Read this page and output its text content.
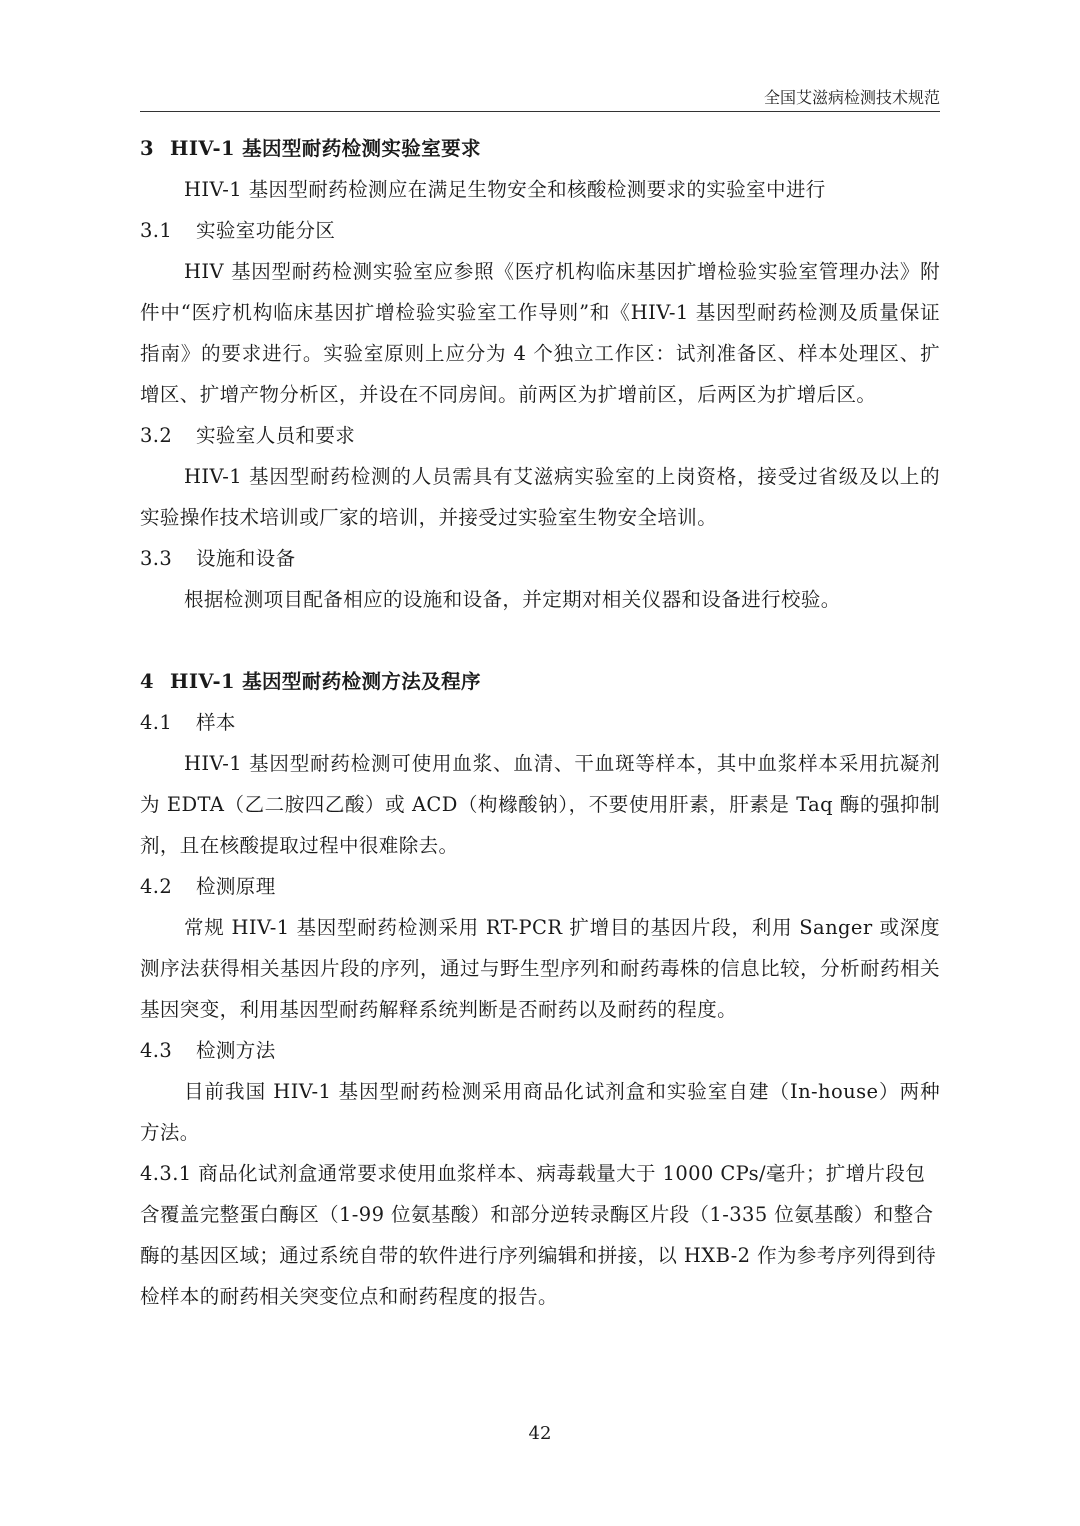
全国艾滋病检测技术规范

3 HIV-1 基因型耐药检测实验室要求

HIV-1 基因型耐药检测应在满足生物安全和核酸检测要求的实验室中进行

3.1 实验室功能分区

HIV 基因型耐药检测实验室应参照《医疗机构临床基因扩增检验实验室管理办法》附件中“医疗机构临床基因扩增检验实验室工作导则”和《HIV-1 基因型耐药检测及质量保证指南》的要求进行。实验室原则上应分为 4 个独立工作区：试剂准备区、样本处理区、扩增区、扩增产物分析区，并设在不同房间。前两区为扩增前区，后两区为扩增后区。

3.2 实验室人员和要求

HIV-1 基因型耐药检测的人员需具有艾滋病实验室的上岗资格，接受过省级及以上的实验操作技术培训或厂家的培训，并接受过实验室生物安全培训。

3.3 设施和设备

根据检测项目配备相应的设施和设备，并定期对相关仪器和设备进行校验。

4 HIV-1 基因型耐药检测方法及程序

4.1 样本

HIV-1 基因型耐药检测可使用血浆、血清、干血斑等样本，其中血浆样本采用抗凝剂为 EDTA（乙二胺四乙酸）或 ACD（枸橼酸钠），不要使用肝素，肝素是 Taq 酶的强抑制剂，且在核酸提取过程中很难除去。

4.2 检测原理

常规 HIV-1 基因型耐药检测采用 RT-PCR 扩增目的基因片段，利用 Sanger 或深度测序法获得相关基因片段的序列，通过与野生型序列和耐药毒株的信息比较，分析耐药相关基因突变，利用基因型耐药解释系统判断是否耐药以及耐药的程度。

4.3 检测方法

目前我国 HIV-1 基因型耐药检测采用商品化试剂盒和实验室自建（In-house）两种方法。

4.3.1 商品化试剂盒通常要求使用血浆样本、病毒载量大于 1000 CPs/毫升；扩增片段包含覆盖完整蛋白酶区（1-99 位氨基酸）和部分逆转录酶区片段（1-335 位氨基酸）和整合酶的基因区域；通过系统自带的软件进行序列编辑和拼接，以 HXB-2 作为参考序列得到待检样本的耐药相关突变位点和耐药程度的报告。

42
